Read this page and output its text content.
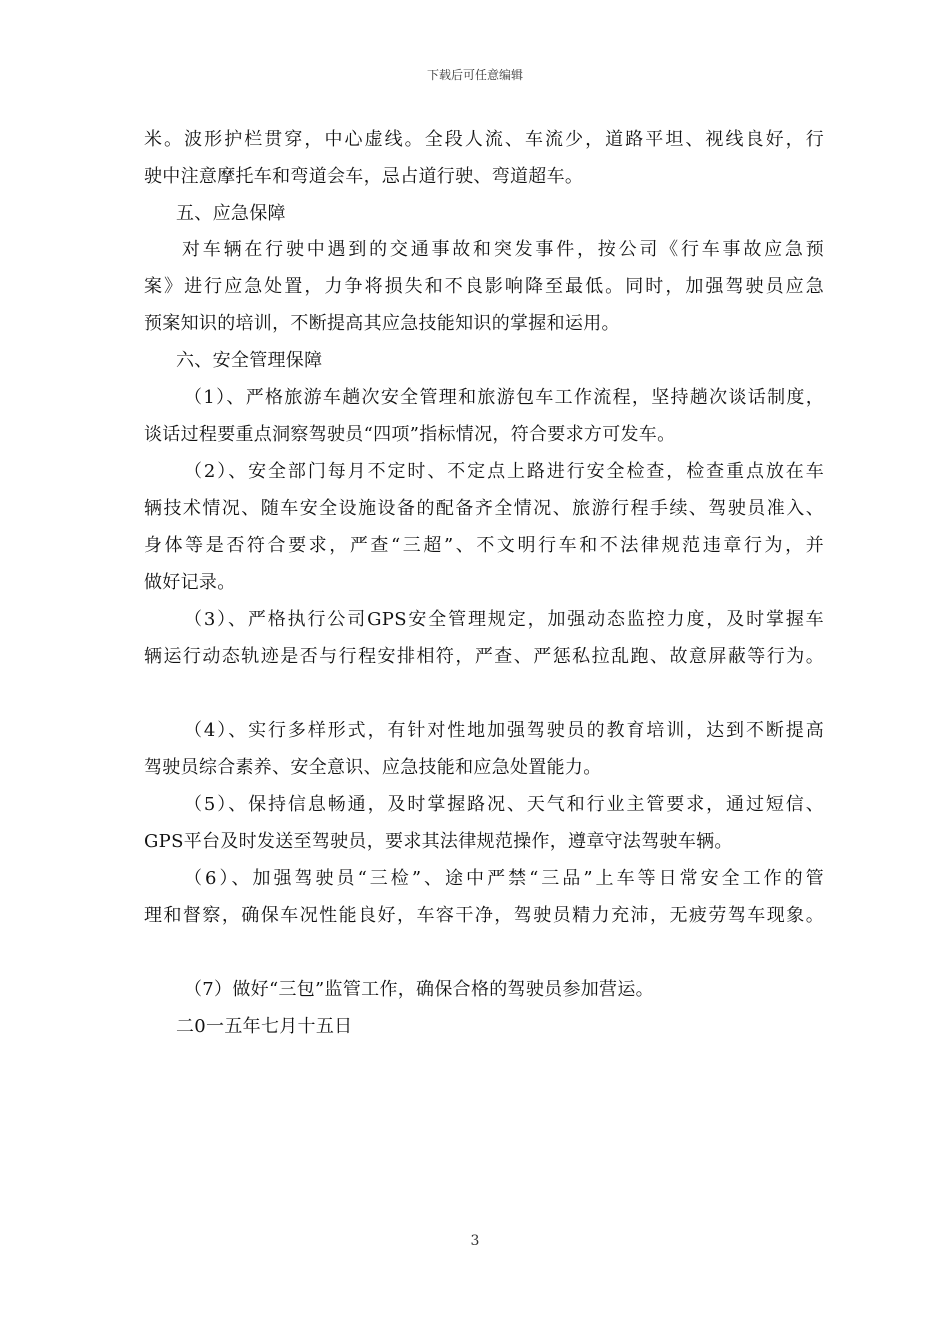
下载后可任意编辑
米。波形护栏贯穿，中心虚线。全段人流、车流少，道路平坦、视线良好，行
驶中注意摩托车和弯道会车，忌占道行驶、弯道超车。
五、应急保障
对车辆在行驶中遇到的交通事故和突发事件，按公司《行车事故应急预
案》进行应急处置，力争将损失和不良影响降至最低。同时，加强驾驶员应急
预案知识的培训，不断提高其应急技能知识的掌握和运用。
六、安全管理保障
（1）、严格旅游车趟次安全管理和旅游包车工作流程，坚持趟次谈话制度，
谈话过程要重点洞察驾驶员“四项”指标情况，符合要求方可发车。
（2）、安全部门每月不定时、不定点上路进行安全检查，检查重点放在车
辆技术情况、随车安全设施设备的配备齐全情况、旅游行程手续、驾驶员准入、
身体等是否符合要求，严查“三超”、不文明行车和不法律规范违章行为，并
做好记录。
（3）、严格执行公司GPS安全管理规定，加强动态监控力度，及时掌握车
辆运行动态轨迹是否与行程安排相符，严查、严惩私拉乱跑、故意屏蔽等行为。
（4）、实行多样形式，有针对性地加强驾驶员的教育培训，达到不断提高
驾驶员综合素养、安全意识、应急技能和应急处置能力。
（5）、保持信息畅通，及时掌握路况、天气和行业主管要求，通过短信、
GPS平台及时发送至驾驶员，要求其法律规范操作，遵章守法驾驶车辆。
（6）、加强驾驶员“三检”、途中严禁“三品”上车等日常安全工作的管
理和督察，确保车况性能良好，车容干净，驾驶员精力充沛，无疲劳驾车现象。
（7）做好“三包”监管工作，确保合格的驾驶员参加营运。
二0一五年七月十五日
3
